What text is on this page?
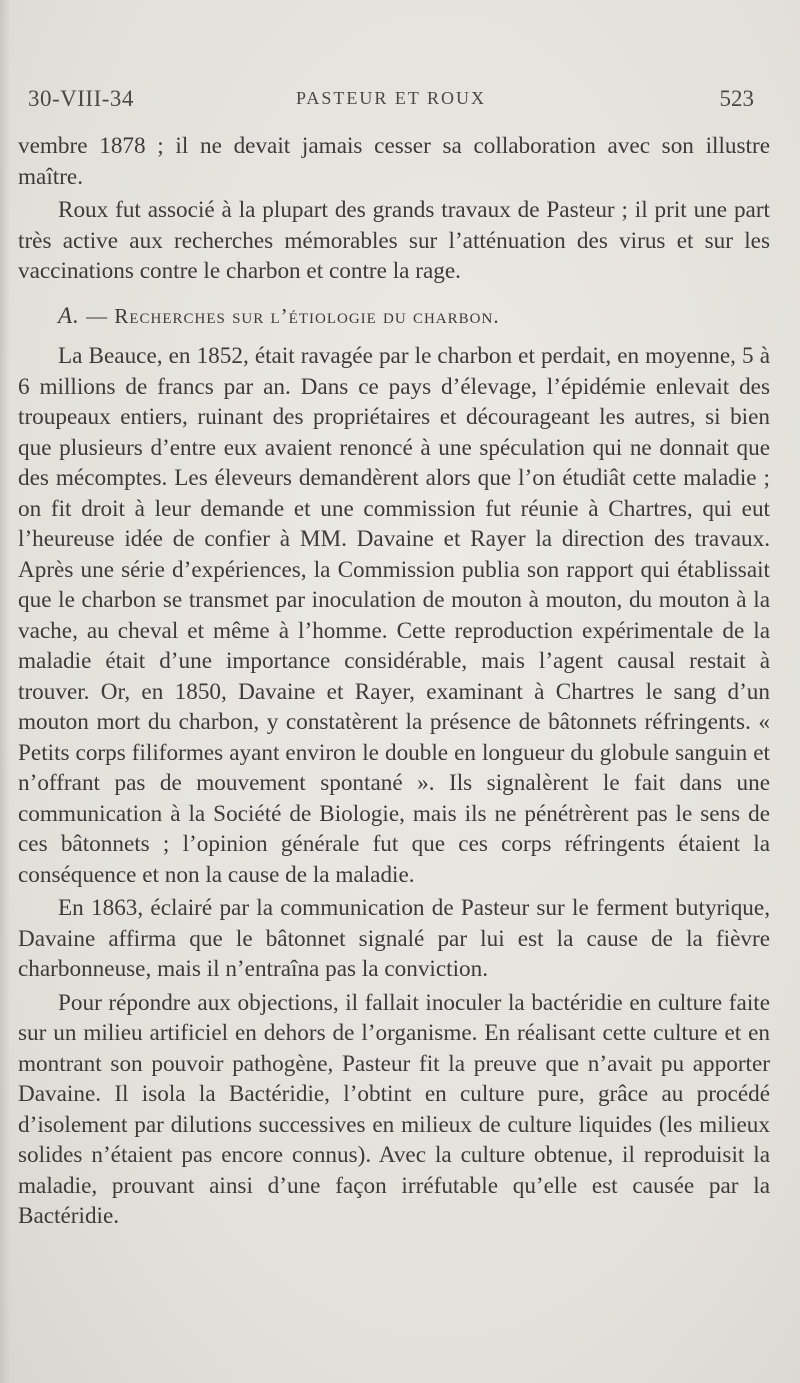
30-VIII-34	PASTEUR ET ROUX	523

vembre 1878 ; il ne devait jamais cesser sa collaboration avec son illustre maître.

Roux fut associé à la plupart des grands travaux de Pasteur ; il prit une part très active aux recherches mémorables sur l’atténuation des virus et sur les vaccinations contre le charbon et contre la rage.

A. — Recherches sur l’étiologie du charbon.

La Beauce, en 1852, était ravagée par le charbon et perdait, en moyenne, 5 à 6 millions de francs par an. Dans ce pays d’élevage, l’épidémie enlevait des troupeaux entiers, ruinant des propriétaires et décourageant les autres, si bien que plusieurs d’entre eux avaient renoncé à une spéculation qui ne donnait que des mécomptes. Les éleveurs demandèrent alors que l’on étudiât cette maladie ; on fit droit à leur demande et une commission fut réunie à Chartres, qui eut l’heureuse idée de confier à MM. Davaine et Rayer la direction des travaux. Après une série d’expériences, la Commission publia son rapport qui établissait que le charbon se transmet par inoculation de mouton à mouton, du mouton à la vache, au cheval et même à l’homme. Cette reproduction expérimentale de la maladie était d’une importance considérable, mais l’agent causal restait à trouver. Or, en 1850, Davaine et Rayer, examinant à Chartres le sang d’un mouton mort du charbon, y constatèrent la présence de bâtonnets réfringents. « Petits corps filiformes ayant environ le double en longueur du globule sanguin et n’offrant pas de mouvement spontané ». Ils signalèrent le fait dans une communication à la Société de Biologie, mais ils ne pénétrèrent pas le sens de ces bâtonnets ; l’opinion générale fut que ces corps réfringents étaient la conséquence et non la cause de la maladie.

En 1863, éclairé par la communication de Pasteur sur le ferment butyrique, Davaine affirma que le bâtonnet signalé par lui est la cause de la fièvre charbonneuse, mais il n’entraîna pas la conviction.

Pour répondre aux objections, il fallait inoculer la bactéridie en culture faite sur un milieu artificiel en dehors de l’organisme. En réalisant cette culture et en montrant son pouvoir pathogène, Pasteur fit la preuve que n’avait pu apporter Davaine. Il isola la Bactéridie, l’obtint en culture pure, grâce au procédé d’isolement par dilutions successives en milieux de culture liquides (les milieux solides n’étaient pas encore connus). Avec la culture obtenue, il reproduisit la maladie, prouvant ainsi d’une façon irréfutable qu’elle est causée par la Bactéridie.
